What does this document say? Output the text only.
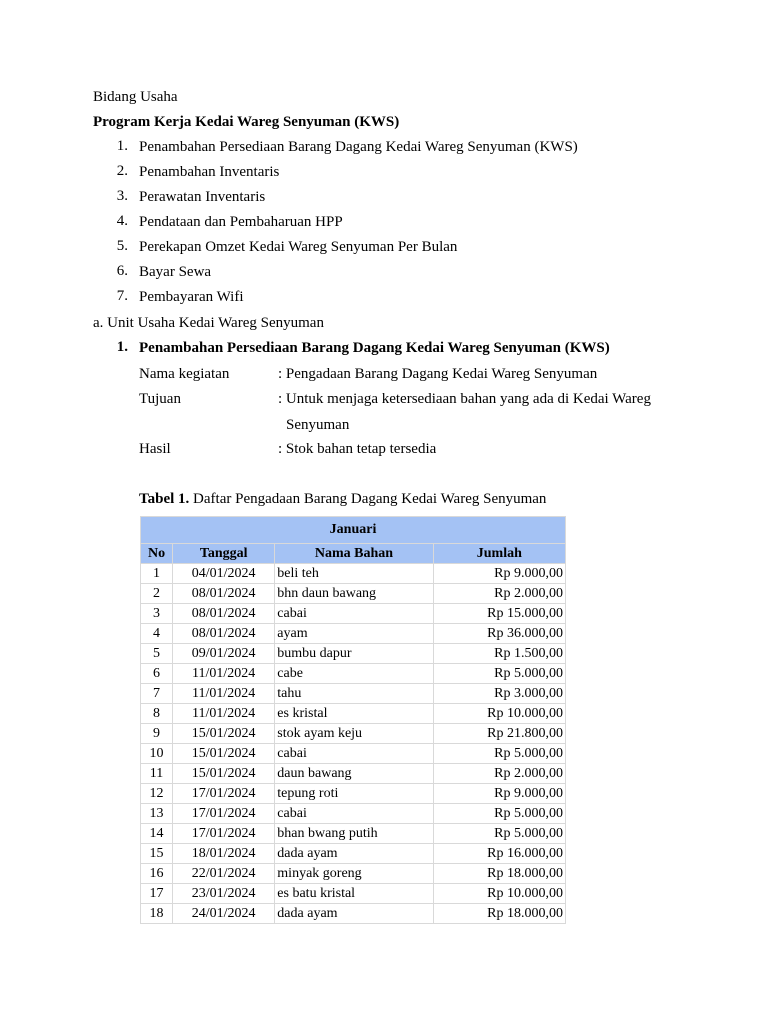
Bidang Usaha
Program Kerja Kedai Wareg Senyuman (KWS)
1. Penambahan Persediaan Barang Dagang Kedai Wareg Senyuman (KWS)
2. Penambahan Inventaris
3. Perawatan Inventaris
4. Pendataan dan Pembaharuan HPP
5. Perekapan Omzet Kedai Wareg Senyuman Per Bulan
6. Bayar Sewa
7. Pembayaran Wifi
a. Unit Usaha Kedai Wareg Senyuman
1. Penambahan Persediaan Barang Dagang Kedai Wareg Senyuman (KWS)
Nama kegiatan	: Pengadaan Barang Dagang Kedai Wareg Senyuman
Tujuan	: Untuk menjaga ketersediaan bahan yang ada di Kedai Wareg
Senyuman
Hasil	: Stok bahan tetap tersedia
Tabel 1. Daftar Pengadaan Barang Dagang Kedai Wareg Senyuman
Januari			
No	Tanggal	Nama Bahan	Jumlah
1	04/01/2024	beli teh	Rp 9.000,00
2	08/01/2024	bhn daun bawang	Rp 2.000,00
3	08/01/2024	cabai	Rp 15.000,00
4	08/01/2024	ayam	Rp 36.000,00
5	09/01/2024	bumbu dapur	Rp 1.500,00
6	11/01/2024	cabe	Rp 5.000,00
7	11/01/2024	tahu	Rp 3.000,00
8	11/01/2024	es kristal	Rp 10.000,00
9	15/01/2024	stok ayam keju	Rp 21.800,00
10	15/01/2024	cabai	Rp 5.000,00
11	15/01/2024	daun bawang	Rp 2.000,00
12	17/01/2024	tepung roti	Rp 9.000,00
13	17/01/2024	cabai	Rp 5.000,00
14	17/01/2024	bhan bwang putih	Rp 5.000,00
15	18/01/2024	dada ayam	Rp 16.000,00
16	22/01/2024	minyak goreng	Rp 18.000,00
17	23/01/2024	es batu kristal	Rp 10.000,00
18	24/01/2024	dada ayam	Rp 18.000,00
